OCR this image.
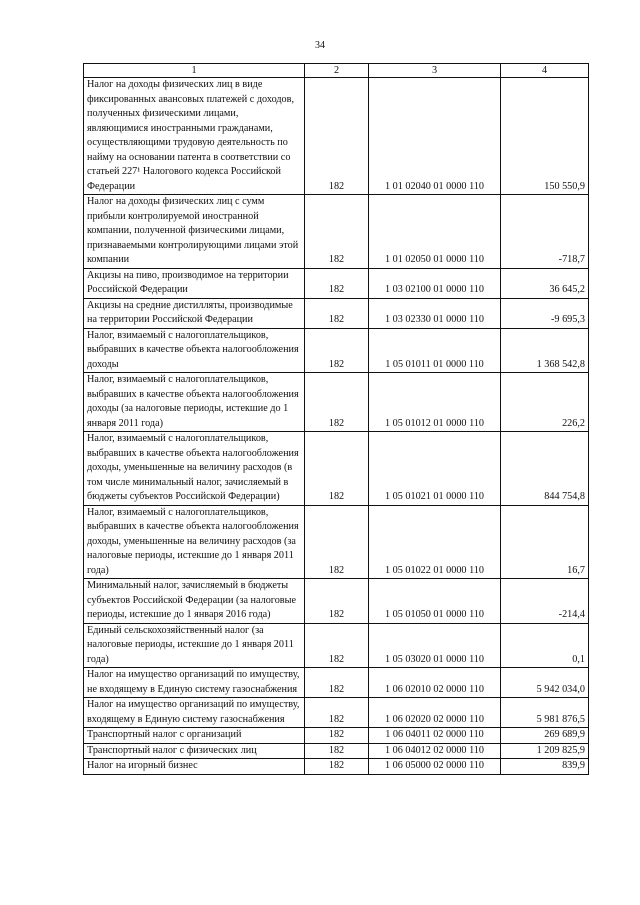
34
1	2	3	4
Налог на доходы физических лиц в виде фиксированных авансовых платежей с доходов, полученных физическими лицами, являющимися иностранными гражданами, осуществляющими трудовую деятельность по найму на основании патента в соответствии со статьей 227¹ Налогового кодекса Российской Федерации	182	1 01 02040 01 0000 110	150 550,9
Налог на доходы физических лиц с сумм прибыли контролируемой иностранной компании, полученной физическими лицами, признаваемыми контролирующими лицами этой компании	182	1 01 02050 01 0000 110	-718,7
Акцизы на пиво, производимое на территории Российской Федерации	182	1 03 02100 01 0000 110	36 645,2
Акцизы на средние дистилляты, производимые на территории Российской Федерации	182	1 03 02330 01 0000 110	-9 695,3
Налог, взимаемый с налогоплательщиков, выбравших в качестве объекта налогообложения доходы	182	1 05 01011 01 0000 110	1 368 542,8
Налог, взимаемый с налогоплательщиков, выбравших в качестве объекта налогообложения доходы (за налоговые периоды, истекшие до 1 января 2011 года)	182	1 05 01012 01 0000 110	226,2
Налог, взимаемый с налогоплательщиков, выбравших в качестве объекта налогообложения доходы, уменьшенные на величину расходов (в том числе минимальный налог, зачисляемый в бюджеты субъектов Российской Федерации)	182	1 05 01021 01 0000 110	844 754,8
Налог, взимаемый с налогоплательщиков, выбравших в качестве объекта налогообложения доходы, уменьшенные на величину расходов (за налоговые периоды, истекшие до 1 января 2011 года)	182	1 05 01022 01 0000 110	16,7
Минимальный налог, зачисляемый в бюджеты субъектов Российской Федерации (за налоговые периоды, истекшие до 1 января 2016 года)	182	1 05 01050 01 0000 110	-214,4
Единый сельскохозяйственный налог (за налоговые периоды, истекшие до 1 января 2011 года)	182	1 05 03020 01 0000 110	0,1
Налог на имущество организаций по имуществу, не входящему в Единую систему газоснабжения	182	1 06 02010 02 0000 110	5 942 034,0
Налог на имущество организаций по имуществу, входящему в Единую систему газоснабжения	182	1 06 02020 02 0000 110	5 981 876,5
Транспортный налог с организаций	182	1 06 04011 02 0000 110	269 689,9
Транспортный налог с физических лиц	182	1 06 04012 02 0000 110	1 209 825,9
Налог на игорный бизнес	182	1 06 05000 02 0000 110	839,9
